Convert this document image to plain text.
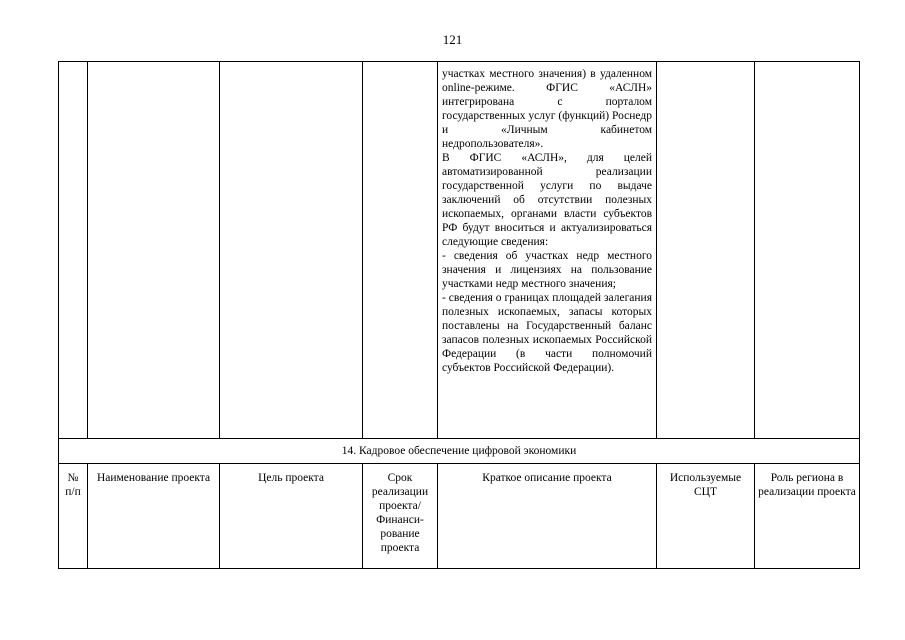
121

				участках местного значения) в удаленном online-режиме. ФГИС «АСЛН» интегрирована с порталом государственных услуг (функций) Роснедр и «Личным кабинетом недропользователя».

В ФГИС «АСЛН», для целей автоматизированной реализации государственной услуги по выдаче заключений об отсутствии полезных ископаемых, органами власти субъектов РФ будут вноситься и актуализироваться следующие сведения:

- сведения об участках недр местного значения и лицензиях на пользование участками недр местного значения;

- сведения о границах площадей залегания полезных ископаемых, запасы которых поставлены на Государственный баланс запасов полезных ископаемых Российской Федерации (в части полномочий субъектов Российской Федерации).		

14. Кадровое обеспечение цифровой экономики						
№ п/п	Наименование проекта	Цель проекта	Срок реализации проекта/ Финанси-рование проекта	Краткое описание проекта	Используемые СЦТ	Роль региона в реализации проекта
